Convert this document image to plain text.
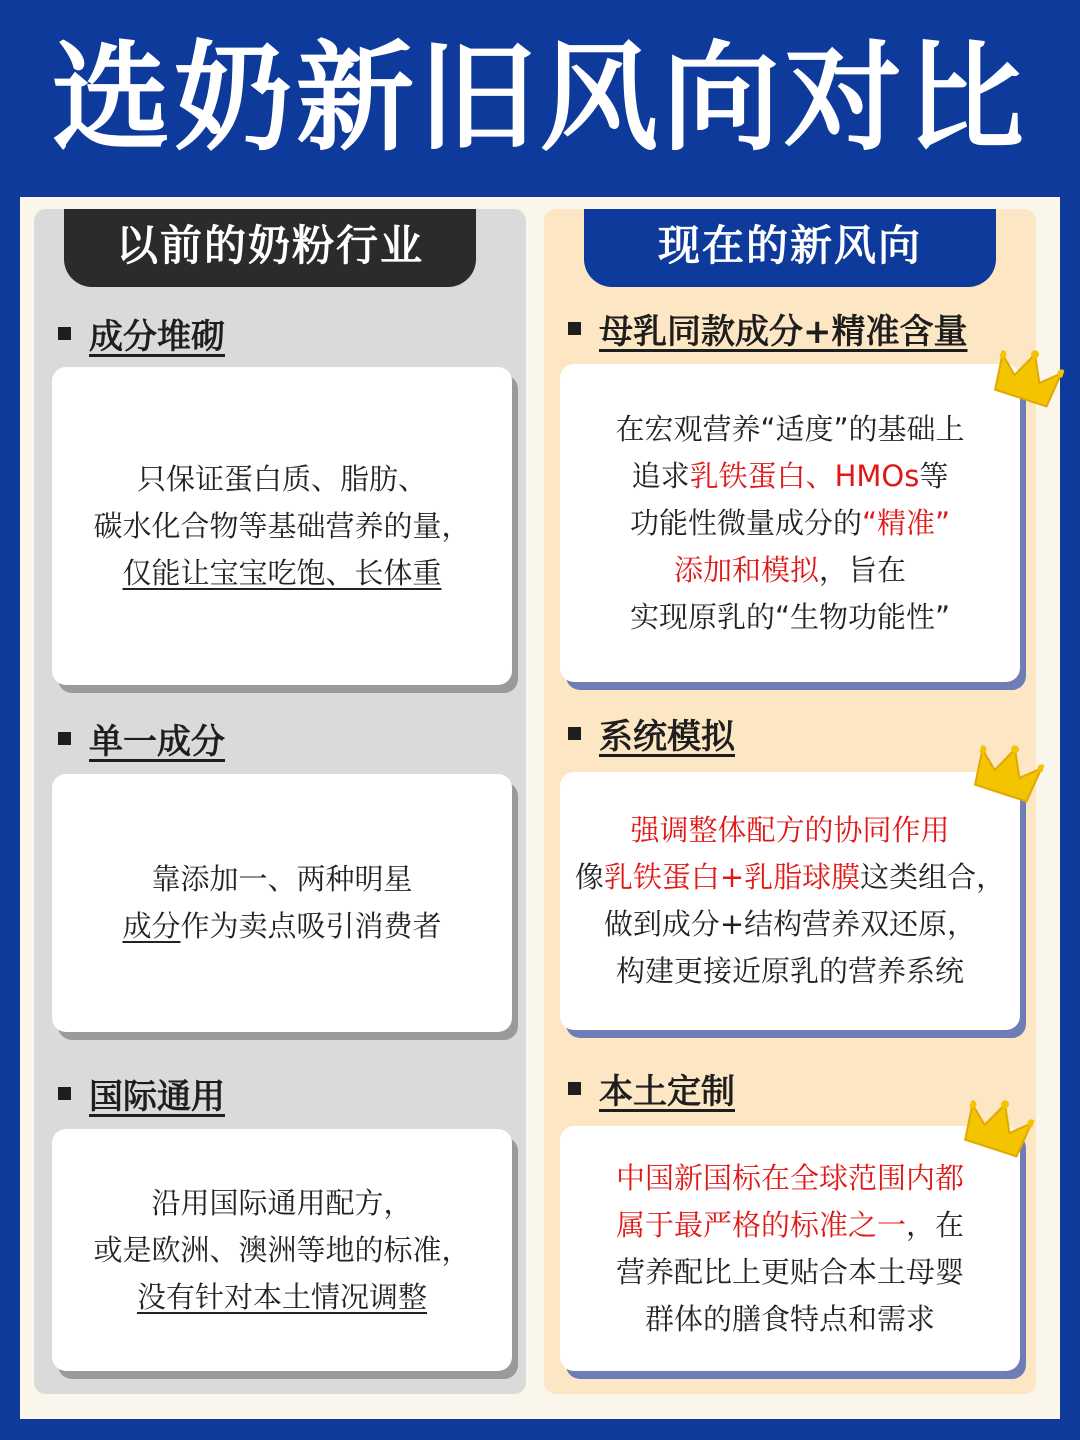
选奶新旧风向对比
以前的奶粉行业
成分堆砌
只保证蛋白质、脂肪、
碳水化合物等基础营养的量，
仅能让宝宝吃饱、长体重
单一成分
靠添加一、两种明星
成分作为卖点吸引消费者
国际通用
沿用国际通用配方，
或是欧洲、澳洲等地的标准，
没有针对本土情况调整
现在的新风向
母乳同款成分+精准含量
在宏观营养“适度”的基础上
追求乳铁蛋白、HMOs等
功能性微量成分的“精准”
添加和模拟，旨在
实现原乳的“生物功能性”
系统模拟
强调整体配方的协同作用
像乳铁蛋白+乳脂球膜这类组合，
做到成分+结构营养双还原，
构建更接近原乳的营养系统
本土定制
中国新国标在全球范围内都
属于最严格的标准之一，在
营养配比上更贴合本土母婴
群体的膳食特点和需求
